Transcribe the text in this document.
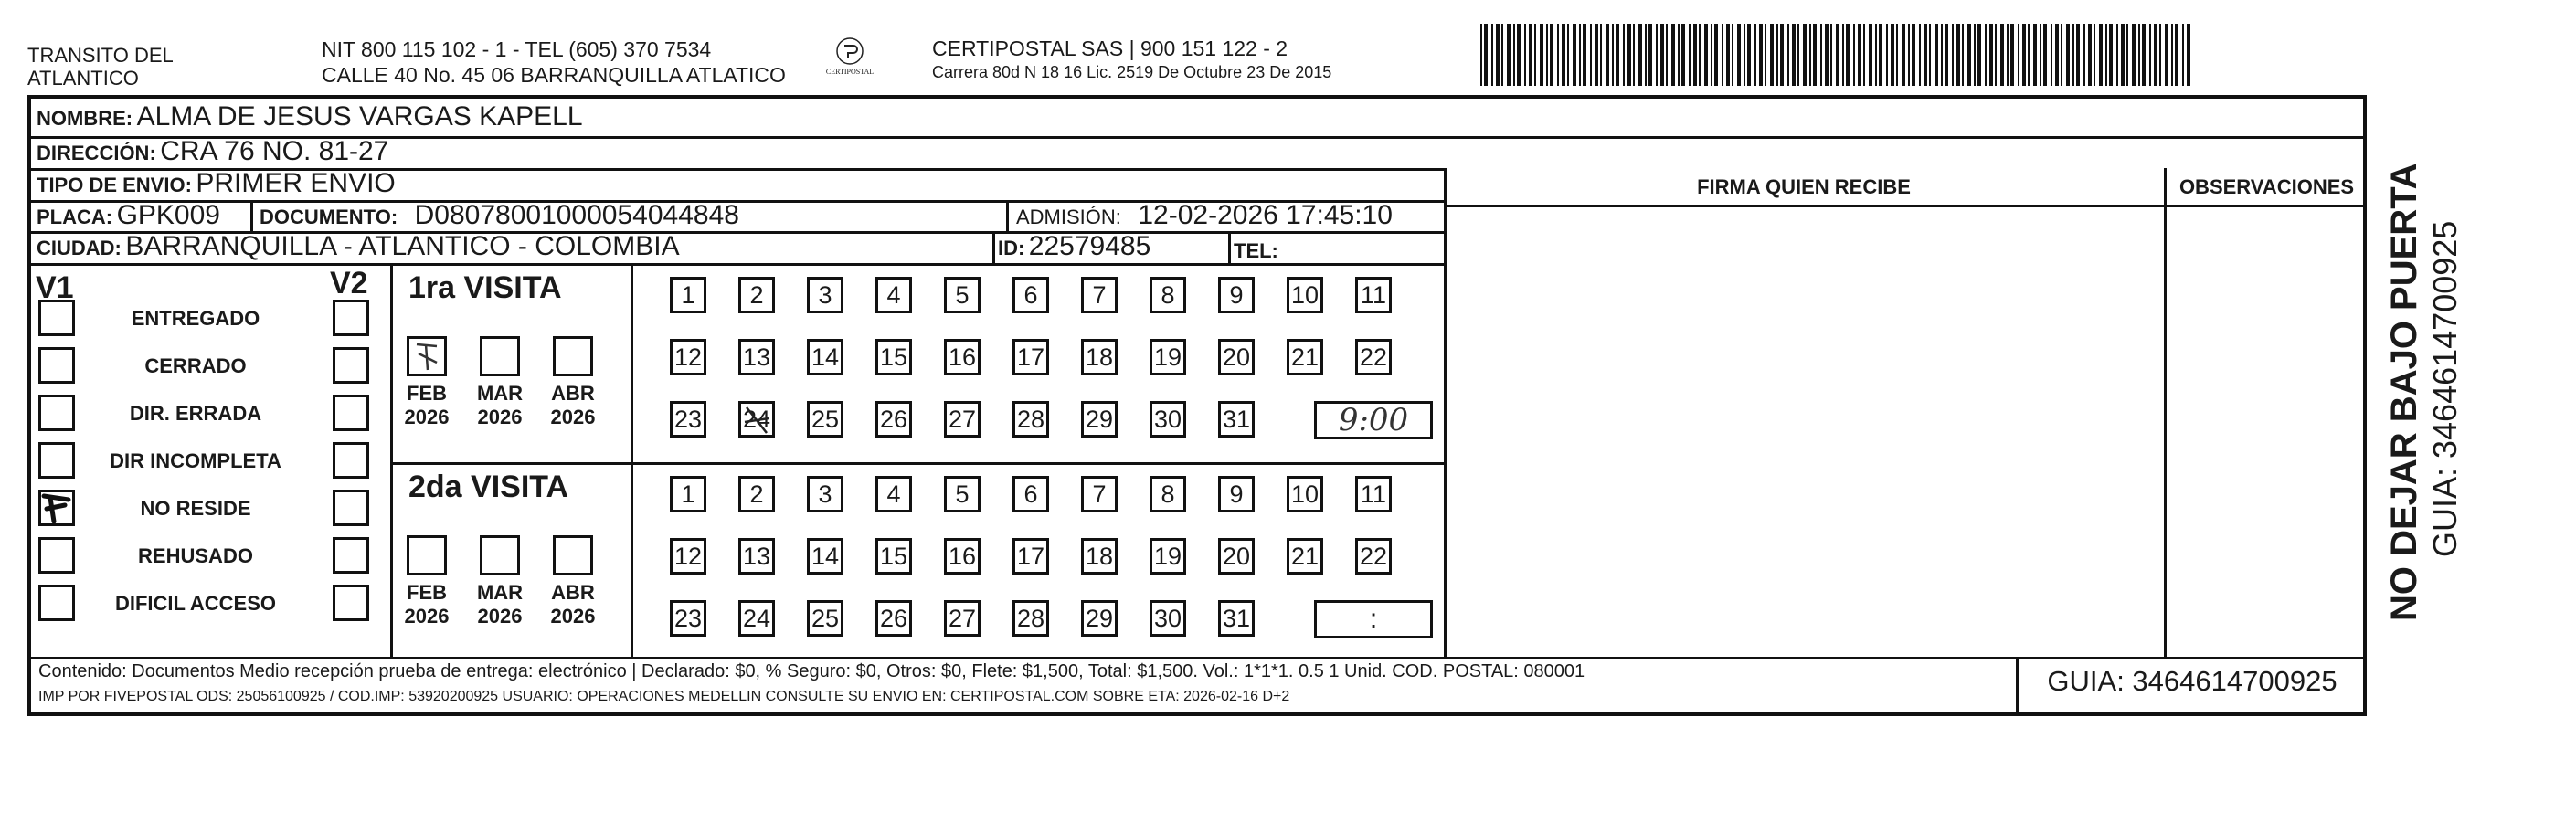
TRANSITO DEL
ATLANTICO
NIT 800 115 102 - 1 - TEL (605) 370 7534
CALLE 40 No. 45 06 BARRANQUILLA ATLATICO	CERTIPOSTAL
CERTIPOSTAL SAS | 900 151 122 - 2
Carrera 80d N 18 16 Lic. 2519 De Octubre 23 De 2015
NOMBRE: ALMA DE JESUS VARGAS KAPELL
DIRECCIÓN: CRA 76 NO. 81-27
TIPO DE ENVIO: PRIMER ENVIO
PLACA: GPK009 DOCUMENTO: D08078001000054044848	ADMISIÓN: 12-02-2026 17:45:10
CIUDAD: BARRANQUILLA - ATLANTICO - COLOMBIA	ID: 22579485	TEL:
FIRMA QUIEN RECIBE	OBSERVACIONES
V1	V2
ENTREGADO
CERRADO
DIR. ERRADA
DIR INCOMPLETA
NO RESIDE
REHUSADO
DIFICIL ACCESO
1ra VISITA
FEB
2026
MAR
2026
ABR
2026
1	2	3	4	5	6	7	8	9	10 11
12 13 14 15 16 17 18 19 20 21 22
23 24 25 26 27 28 29 30 31	9:00
2da VISITA
FEB
2026
MAR
2026
ABR
2026
1	2	3	4	5	6	7	8	9	10 11
12 13 14 15 16 17 18 19 20 21 22
23 24 25 26 27 28 29 30 31	:
Contenido: Documentos Medio recepción prueba de entrega: electrónico | Declarado: $0, % Seguro: $0, Otros: $0, Flete: $1,500, Total: $1,500. Vol.: 1*1*1. 0.5 1 Unid. COD. POSTAL: 080001
IMP POR FIVEPOSTAL ODS: 25056100925 / COD.IMP: 53920200925 USUARIO: OPERACIONES MEDELLIN CONSULTE SU ENVIO EN: CERTIPOSTAL.COM SOBRE ETA: 2026-02-16 D+2	GUIA: 3464614700925
NO DEJAR BAJO PUERTA GUIA: 3464614700925
